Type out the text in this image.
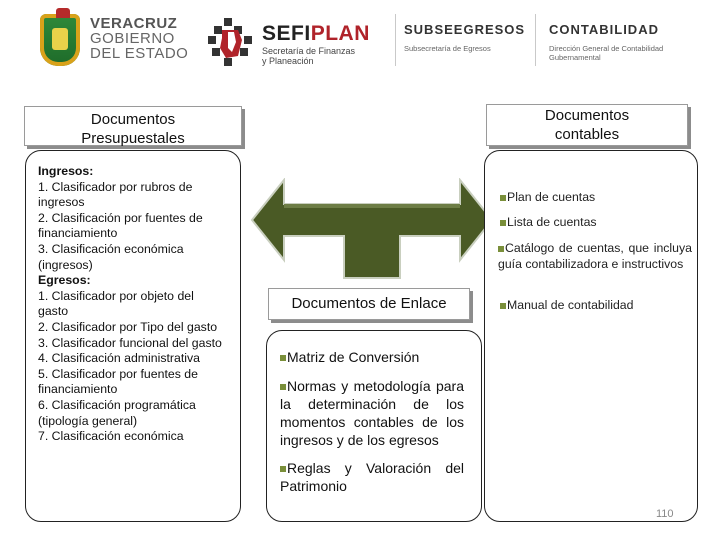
VERACRUZ
GOBIERNO
DEL ESTADO
SEFIPLAN
Secretaría de Finanzas
y Planeación
SUBSEEGRESOS
Subsecretaría de Egresos
CONTABILIDAD
Dirección General de Contabilidad
Gubernamental
Documentos Presupuestales
Ingresos:
1. Clasificador por rubros de ingresos
2. Clasificación por fuentes de financiamiento
3. Clasificación económica (ingresos)
Egresos:
1. Clasificador por objeto del gasto
2. Clasificador por Tipo del gasto
3. Clasificador funcional del gasto
4. Clasificación administrativa
5. Clasificador por fuentes de financiamiento
6. Clasificación programática (tipología general)
7. Clasificación económica
Documentos de Enlace
Matriz de Conversión
Normas y metodología para la determinación de los momentos contables de los ingresos y de los egresos
Reglas y Valoración del Patrimonio
Documentos contables
Plan de cuentas
Lista de cuentas
Catálogo de cuentas, que incluya guía contabilizadora e instructivos
Manual de contabilidad
110
